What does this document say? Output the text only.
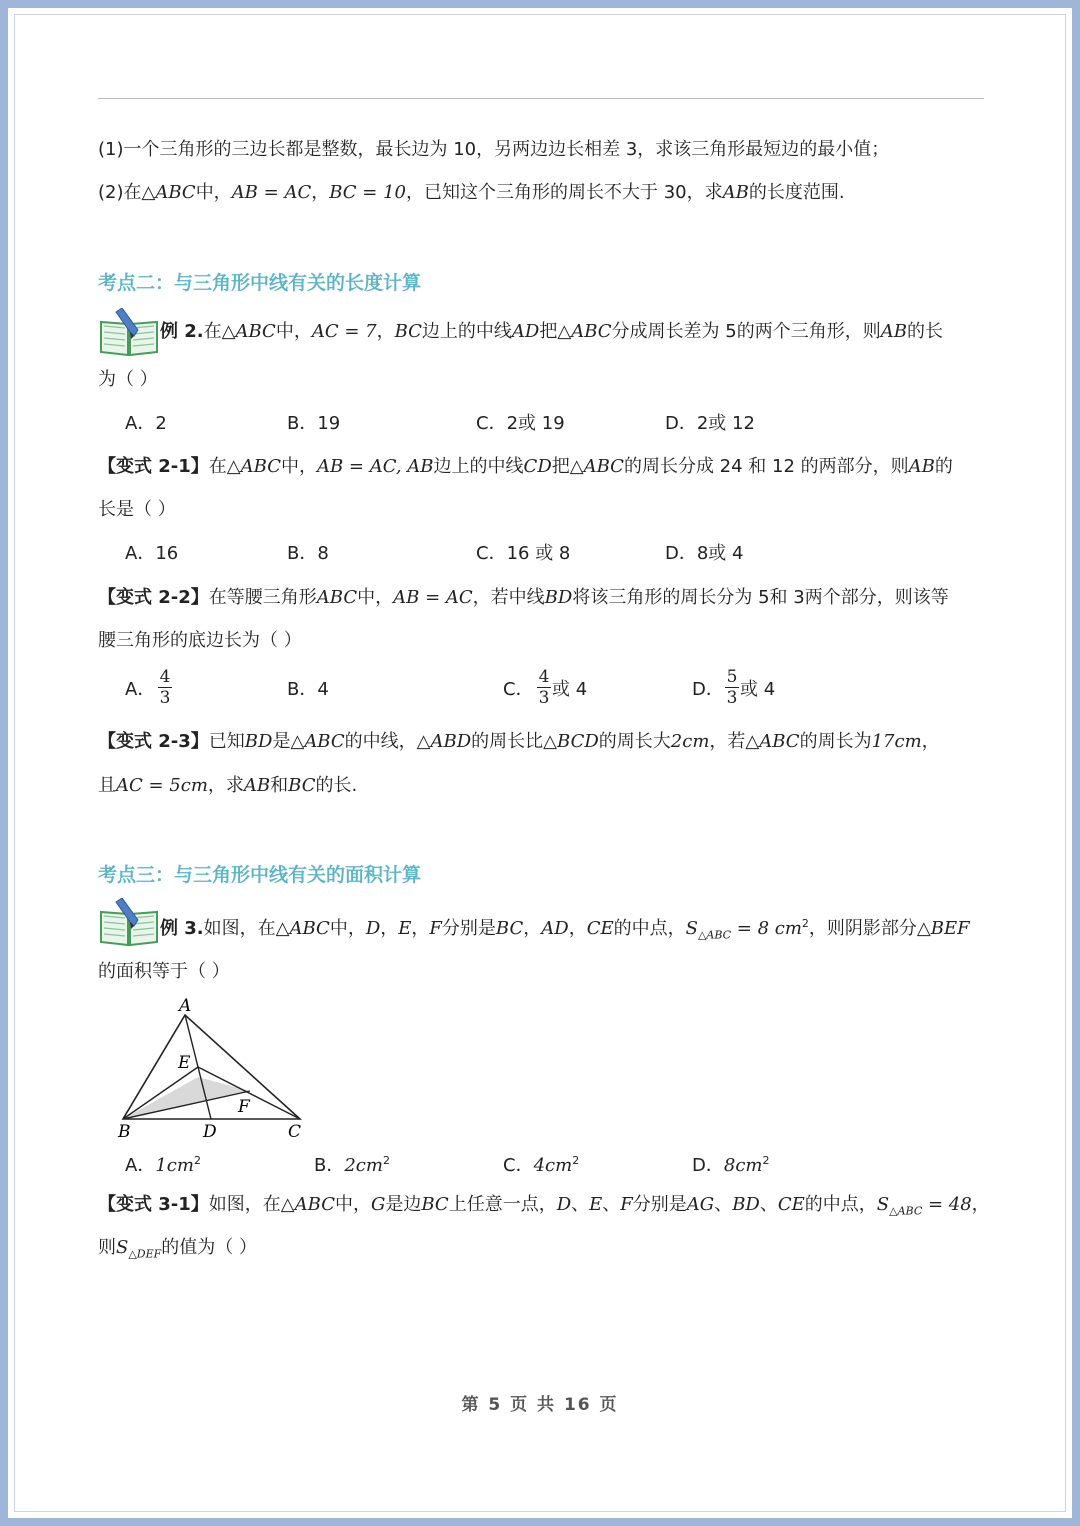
(1)一个三角形的三边长都是整数，最长边为 10，另两边边长相差 3，求该三角形最短边的最小值；
(2)在△ABC中，AB = AC，BC = 10，已知这个三角形的周长不大于 30，求AB的长度范围.
考点二：与三角形中线有关的长度计算
例 2.在△ABC中，AC = 7，BC边上的中线AD把△ABC分成周长差为 5的两个三角形，则AB的长
为（ ）
A．2	B．19	C．2或 19	D．2或 12
【变式 2-1】在△ABC中，AB = AC, AB边上的中线CD把△ABC的周长分成 24 和 12 的两部分，则AB的
长是（ ）
A．16	B．8	C．16 或 8	D．8或 4
【变式 2-2】在等腰三角形ABC中，AB = AC，若中线BD将该三角形的周长分为 5和 3两个部分，则该等
腰三角形的底边长为（ ）
A．
4
3	B．4	C．
4
3 或 4	D．
5
3 或 4
【变式 2-3】已知BD是△ABC的中线，△ABD的周长比△BCD的周长大2cm，若△ABC的周长为17cm，
且AC = 5cm，求AB和BC的长.
考点三：与三角形中线有关的面积计算
例 3.如图，在△ABC中，D，E，F分别是BC，AD，CE的中点，$S_{\triangle ABC} = 8$ $cm^2$，则阴影部分△BEF
的面积等于（ ）
A
B	C
D
E
F
A．$1cm^2$	B．$2cm^2$	C．$4cm^2$	D．$8cm^2$
【变式 3-1】如图，在△ABC中，G是边BC上任意一点，D、E、F分别是AG、BD、CE的中点，$S_{\triangle ABC} = 48$，
则$S_{\triangle DEF}$的值为（ ）
第 5 页 共 16 页
